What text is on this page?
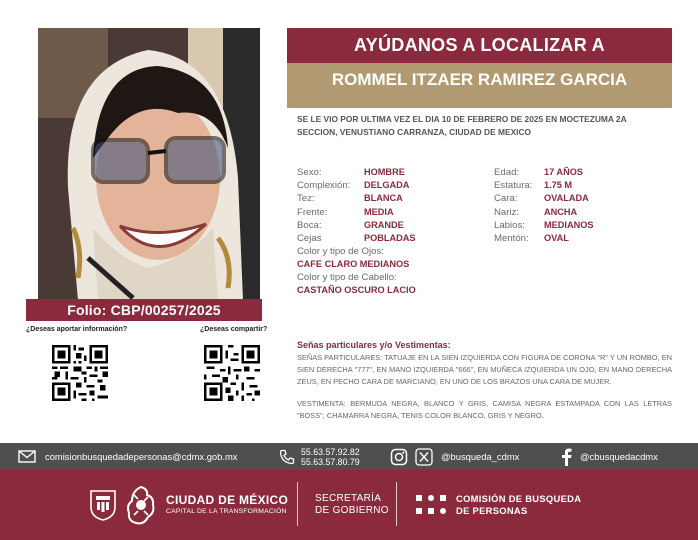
Folio: CBP/00257/2025
¿Deseas aportar información?	¿Deseas compartir?
AYÚDANOS A LOCALIZAR A
ROMMEL ITZAER RAMIREZ GARCIA
SE LE VIO POR ULTIMA VEZ EL DIA 10 DE FEBRERO DE 2025 EN MOCTEZUMA 2A SECCION, VENUSTIANO CARRANZA, CIUDAD DE MEXICO
Sexo:	HOMBRE
Complexión: DELGADA
Tez:	BLANCA
Frente:	MEDIA
Boca:	GRANDE
Cejas	POBLADAS
Color y tipo de Ojos:
CAFE CLARO MEDIANOS
Color y tipo de Cabello:
CASTAÑO OSCURO LACIO
Edad:	17 AÑOS
Estatura: 1.75 M
Cara:	OVALADA
Nariz:	ANCHA
Labios: MEDIANOS
Mentón: OVAL
Señas particulares y/o Vestimentas:
SEÑAS PARTICULARES: TATUAJE EN LA SIEN IZQUIERDA CON FIGURA DE CORONA "R" Y UN ROMBO, EN SIEN DERECHA "777", EN MANO IZQUIERDA "666", EN MUÑECA IZQUIERDA UN OJO, EN MANO DERECHA ZEUS, EN PECHO CARA DE MARCIANO, EN UNO DE LOS BRAZOS UNA CARA DE MUJER.
VESTIMENTA: BERMUDA NEGRA, BLANCO Y GRIS, CAMISA NEGRA ESTAMPADA CON LAS LETRAS "BOSS", CHAMARRA NEGRA, TENIS COLOR BLANCO, GRIS Y NEGRO.
comisionbusquedadepersonas@cdmx.gob.mx	55.63.57.92.82
55.63.57.80.79	@busqueda_cdmx	@cbusquedacdmx
CIUDAD DE MÉXICO
CAPITAL DE LA TRANSFORMACIÓN
SECRETARÍA
DE GOBIERNO
COMISIÓN DE BUSQUEDA
DE PERSONAS
